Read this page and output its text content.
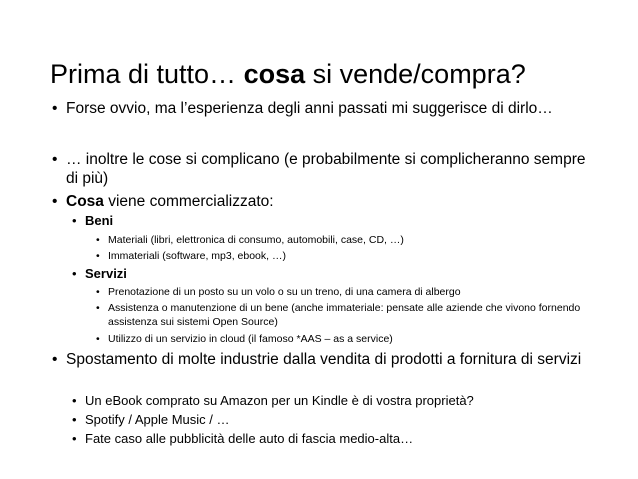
Prima di tutto… cosa si vende/compra?
• Forse ovvio, ma l’esperienza degli anni passati mi suggerisce di dirlo…
• … inoltre le cose si complicano (e probabilmente si complicheranno sempre di più)
• Cosa viene commercializzato:
• Beni
• Materiali (libri, elettronica di consumo, automobili, case, CD, …)
• Immateriali (software, mp3, ebook, …)
• Servizi
• Prenotazione di un posto su un volo o su un treno, di una camera di albergo
• Assistenza o manutenzione di un bene (anche immateriale: pensate alle aziende che vivono fornendo assistenza sui sistemi Open Source)
• Utilizzo di un servizio in cloud (il famoso *AAS – as a service)
• Spostamento di molte industrie dalla vendita di prodotti a fornitura di servizi
• Un eBook comprato su Amazon per un Kindle è di vostra proprietà?
• Spotify / Apple Music / …
• Fate caso alle pubblicità delle auto di fascia medio-alta…
